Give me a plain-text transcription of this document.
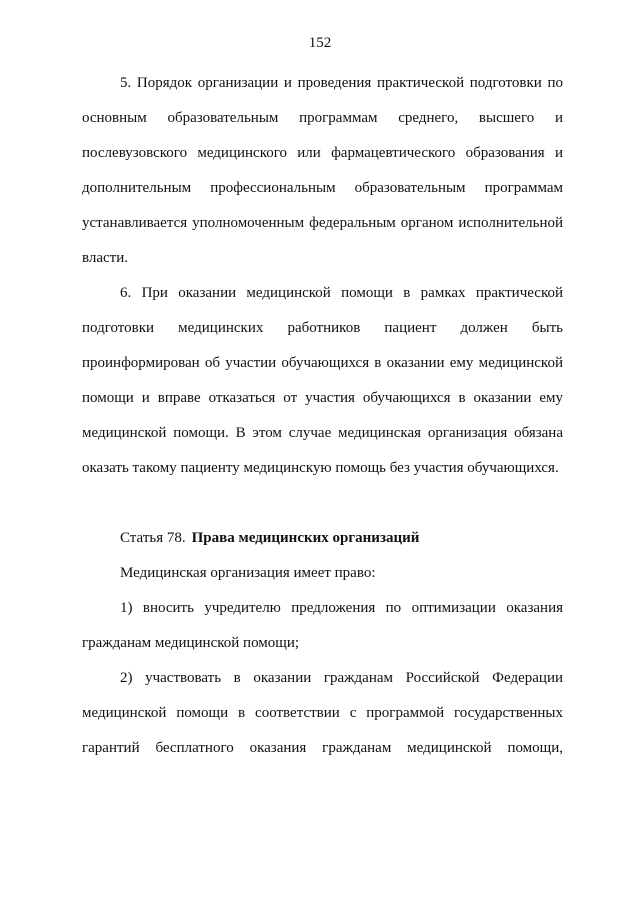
152
5. Порядок организации и проведения практической подготовки по
основным образовательным программам среднего, высшего и
послевузовского медицинского или фармацевтического образования и
дополнительным профессиональным образовательным программам
устанавливается уполномоченным федеральным органом исполнительной
власти.
6. При оказании медицинской помощи в рамках практической
подготовки медицинских работников пациент должен быть
проинформирован об участии обучающихся в оказании ему медицинской
помощи и вправе отказаться от участия обучающихся в оказании ему
медицинской помощи. В этом случае медицинская организация обязана
оказать такому пациенту медицинскую помощь без участия обучающихся.
Статья 78. Права медицинских организаций
Медицинская организация имеет право:
1) вносить учредителю предложения по оптимизации оказания
гражданам медицинской помощи;
2) участвовать в оказании гражданам Российской Федерации
медицинской помощи в соответствии с программой государственных
гарантий бесплатного оказания гражданам медицинской помощи,
